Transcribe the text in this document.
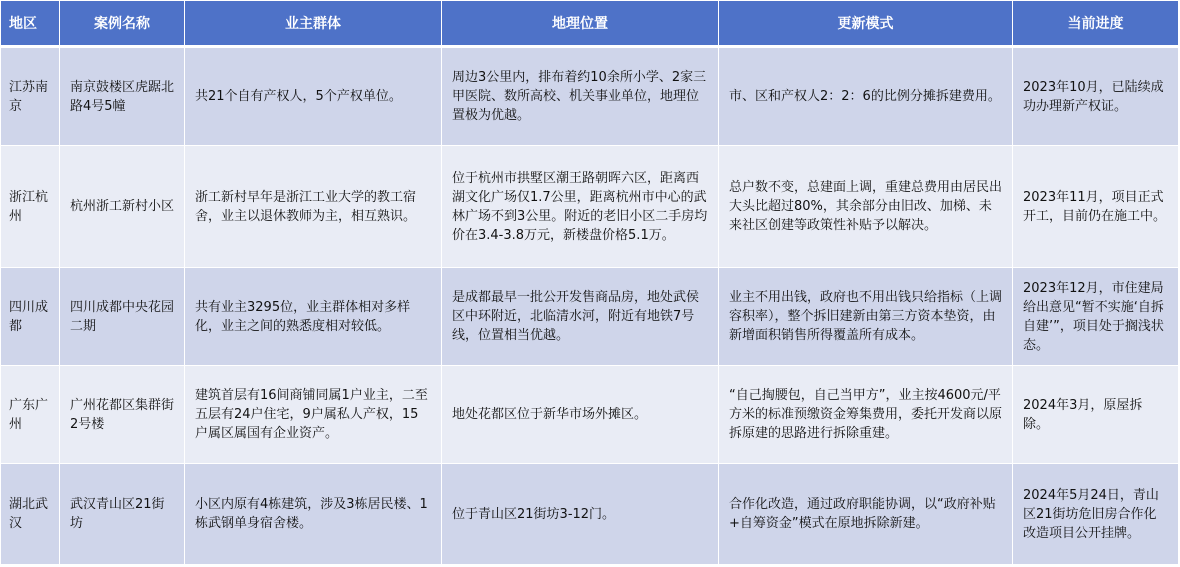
地区	案例名称	业主群体	地理位置	更新模式	当前进度
江苏南京	南京鼓楼区虎踞北路4号5幢	共21个自有产权人，5个产权单位。	周边3公里内，排布着约10余所小学、2家三甲医院、数所高校、机关事业单位，地理位置极为优越。	市、区和产权人2：2：6的比例分摊拆建费用。	2023年10月，已陆续成功办理新产权证。
浙江杭州	杭州浙工新村小区	浙工新村早年是浙江工业大学的教工宿舍，业主以退休教师为主，相互熟识。	位于杭州市拱墅区潮王路朝晖六区，距离西湖文化广场仅1.7公里，距离杭州市中心的武林广场不到3公里。附近的老旧小区二手房均价在3.4-3.8万元，新楼盘价格5.1万。	总户数不变，总建面上调，重建总费用由居民出大头比超过80%，其余部分由旧改、加梯、未来社区创建等政策性补贴予以解决。	2023年11月，项目正式开工，目前仍在施工中。
四川成都	四川成都中央花园二期	共有业主3295位，业主群体相对多样化，业主之间的熟悉度相对较低。	是成都最早一批公开发售商品房，地处武侯区中环附近，北临清水河，附近有地铁7号线，位置相当优越。	业主不用出钱，政府也不用出钱只给指标（上调容积率），整个拆旧建新由第三方资本垫资，由新增面积销售所得覆盖所有成本。	2023年12月，市住建局给出意见“暂不实施‘自拆自建’”，项目处于搁浅状态。
广东广州	广州花都区集群街2号楼	建筑首层有16间商铺同属1户业主，二至五层有24户住宅，9户属私人产权，15户属区属国有企业资产。	地处花都区位于新华市场外摊区。	“自己掏腰包，自己当甲方”，业主按4600元/平方米的标准预缴资金筹集费用，委托开发商以原拆原建的思路进行拆除重建。	2024年3月，原屋拆除。
湖北武汉	武汉青山区21街坊	小区内原有4栋建筑，涉及3栋居民楼、1栋武钢单身宿舍楼。	位于青山区21街坊3-12门。	合作化改造，通过政府职能协调，以“政府补贴+自筹资金”模式在原地拆除新建。	2024年5月24日，青山区21街坊危旧房合作化改造项目公开挂牌。
